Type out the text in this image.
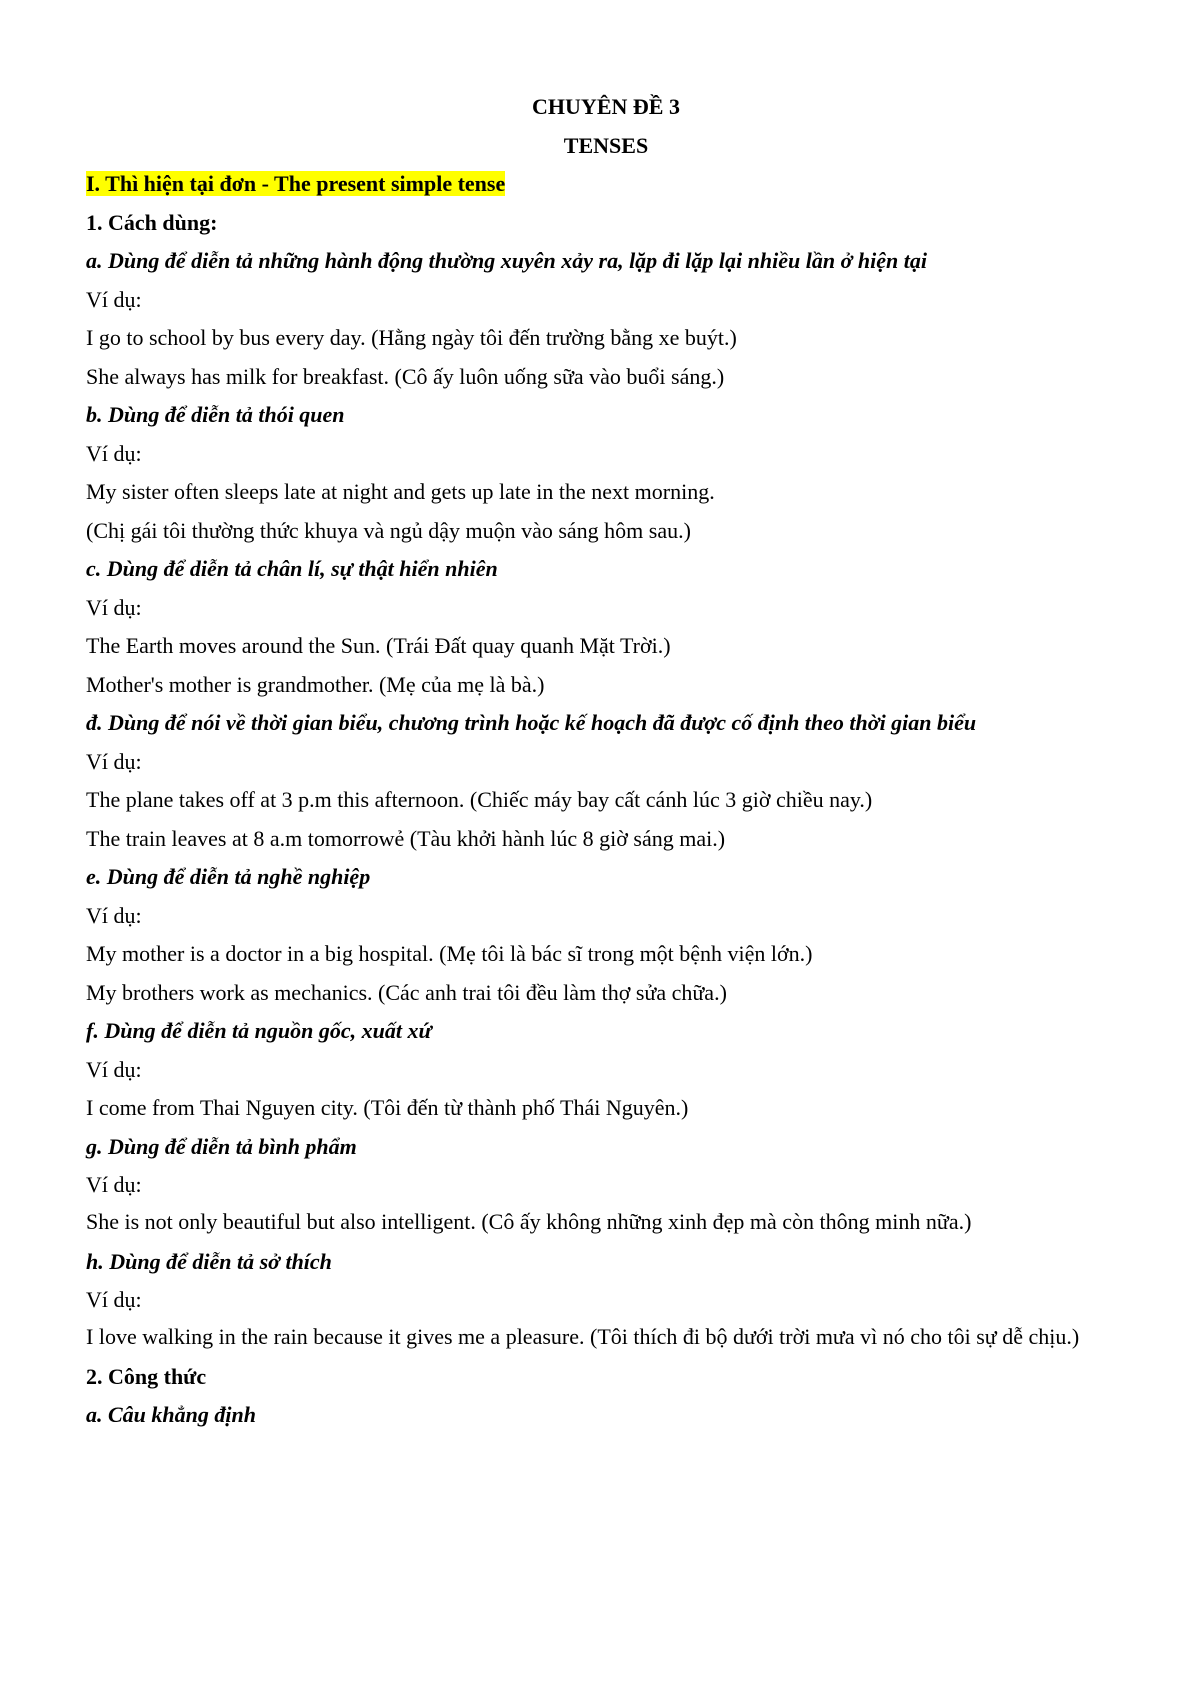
CHUYÊN ĐỀ 3

TENSES

I. Thì hiện tại đơn - The present simple tense

1. Cách dùng:

a. Dùng để diễn tả những hành động thường xuyên xảy ra, lặp đi lặp lại nhiều lần ở hiện tại

Ví dụ:

I go to school by bus every day. (Hằng ngày tôi đến trường bằng xe buýt.)

She always has milk for breakfast. (Cô ấy luôn uống sữa vào buổi sáng.)

b. Dùng để diễn tả thói quen

Ví dụ:

My sister often sleeps late at night and gets up late in the next morning.

(Chị gái tôi thường thức khuya và ngủ dậy muộn vào sáng hôm sau.)

c. Dùng để diễn tả chân lí, sự thật hiển nhiên

Ví dụ:

The Earth moves around the Sun. (Trái Đất quay quanh Mặt Trời.)

Mother's mother is grandmother. (Mẹ của mẹ là bà.)

đ. Dùng để nói về thời gian biểu, chương trình hoặc kế hoạch đã được cố định theo thời gian biểu

Ví dụ:

The plane takes off at 3 p.m this afternoon. (Chiếc máy bay cất cánh lúc 3 giờ chiều nay.)

The train leaves at 8 a.m tomorrowẻ (Tàu khởi hành lúc 8 giờ sáng mai.)

e. Dùng để diễn tả nghề nghiệp

Ví dụ:

My mother is a doctor in a big hospital. (Mẹ tôi là bác sĩ trong một bệnh viện lớn.)

My brothers work as mechanics. (Các anh trai tôi đều làm thợ sửa chữa.)

f. Dùng để diễn tả nguồn gốc, xuất xứ

Ví dụ:

I come from Thai Nguyen city. (Tôi đến từ thành phố Thái Nguyên.)

g. Dùng để diễn tả bình phẩm

Ví dụ:

She is not only beautiful but also intelligent. (Cô ấy không những xinh đẹp mà còn thông minh nữa.)

h. Dùng để diễn tả sở thích

Ví dụ:

I love walking in the rain because it gives me a pleasure. (Tôi thích đi bộ dưới trời mưa vì nó cho tôi sự dễ chịu.)

2. Công thức

a. Câu khẳng định
